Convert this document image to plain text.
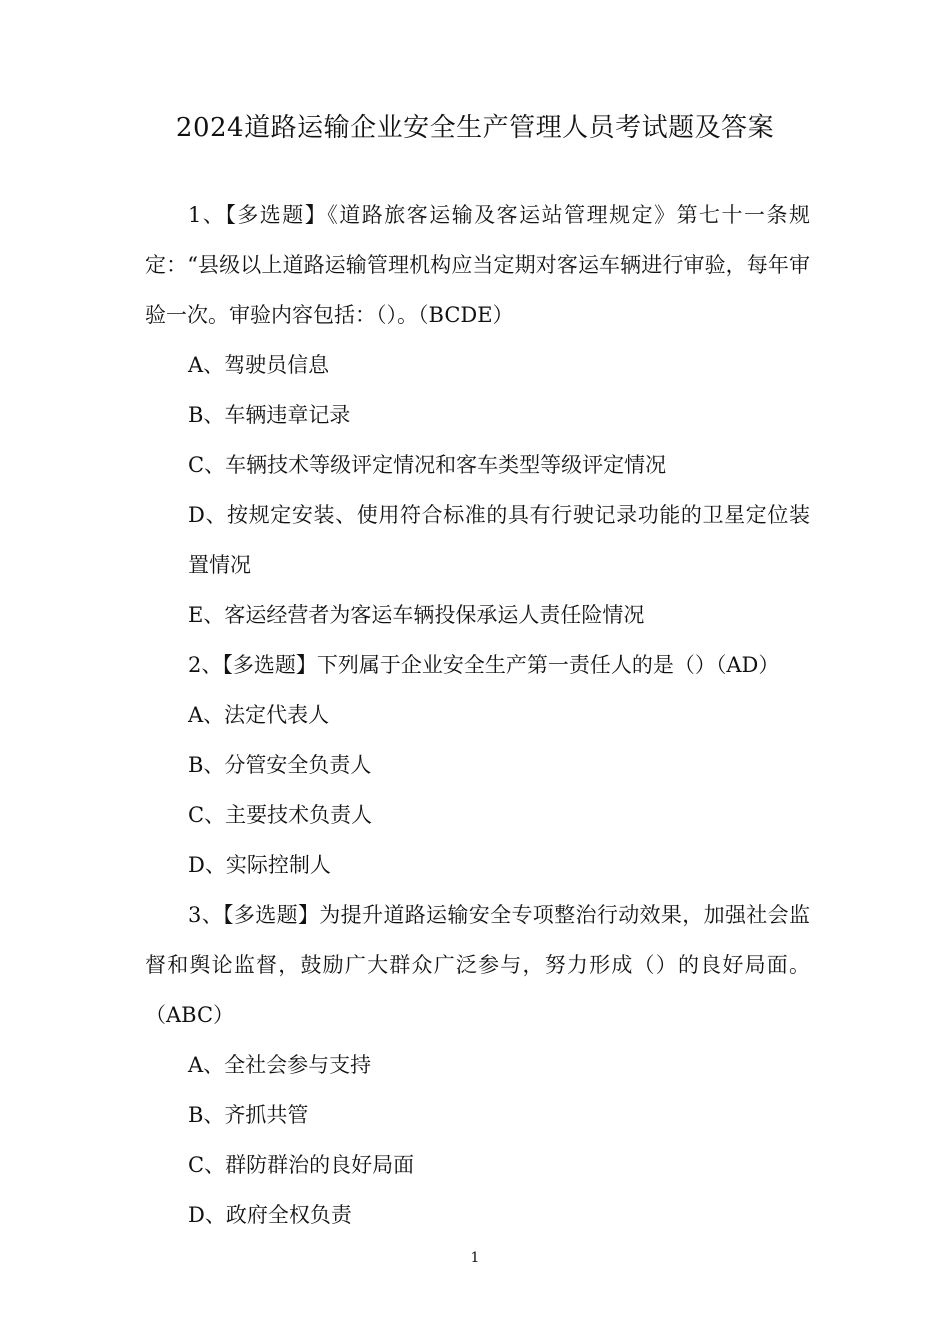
2024道路运输企业安全生产管理人员考试题及答案

1、【多选题】《道路旅客运输及客运站管理规定》第七十一条规定：“县级以上道路运输管理机构应当定期对客运车辆进行审验，每年审验一次。审验内容包括：（）。（BCDE）

A、驾驶员信息

B、车辆违章记录

C、车辆技术等级评定情况和客车类型等级评定情况

D、按规定安装、使用符合标准的具有行驶记录功能的卫星定位装置情况

E、客运经营者为客运车辆投保承运人责任险情况

2、【多选题】下列属于企业安全生产第一责任人的是（）（AD）

A、法定代表人

B、分管安全负责人

C、主要技术负责人

D、实际控制人

3、【多选题】为提升道路运输安全专项整治行动效果，加强社会监督和舆论监督，鼓励广大群众广泛参与，努力形成（）的良好局面。（ABC）

A、全社会参与支持

B、齐抓共管

C、群防群治的良好局面

D、政府全权负责

1
